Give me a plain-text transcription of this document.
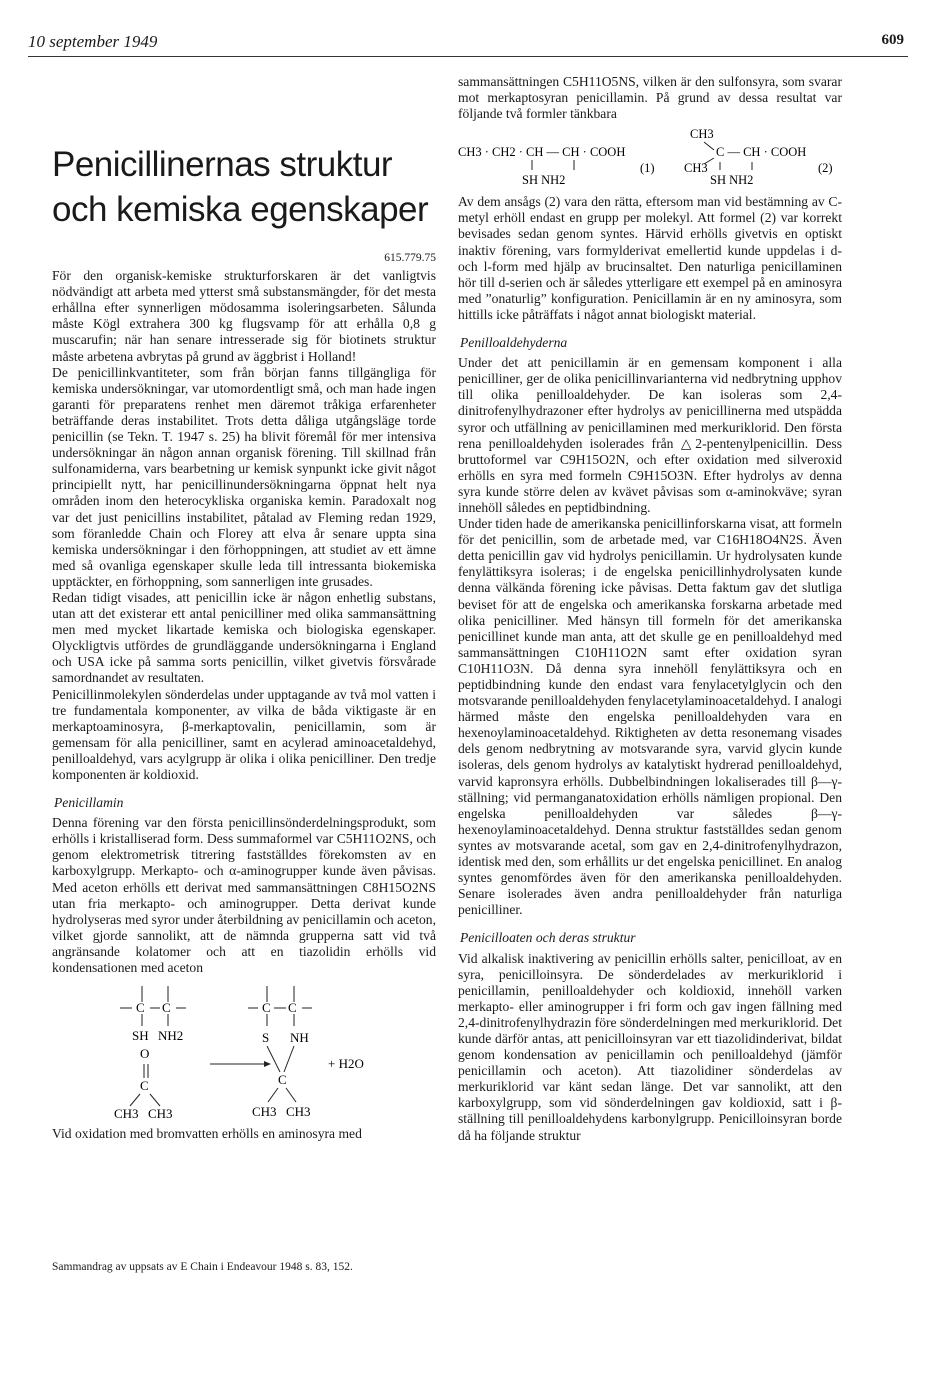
10 september 1949	609
Penicillinernas struktur och kemiska egenskaper
615.779.75

För den organisk-kemiske strukturforskaren är det vanligtvis nödvändigt att arbeta med ytterst små substansmängder, för det mesta erhållna efter synnerligen mödosamma isoleringsarbeten. Sålunda måste Kögl extrahera 300 kg flugsvamp för att erhålla 0,8 g muscarufin; när han senare intresserade sig för biotinets struktur måste arbetena avbrytas på grund av äggbrist i Holland!

De penicillinkvantiteter, som från början fanns tillgängliga för kemiska undersökningar, var utomordentligt små, och man hade ingen garanti för preparatens renhet men däremot tråkiga erfarenheter beträffande deras instabilitet. Trots detta dåliga utgångsläge torde penicillin (se Tekn. T. 1947 s. 25) ha blivit föremål för mer intensiva undersökningar än någon annan organisk förening. Till skillnad från sulfonamiderna, vars bearbetning ur kemisk synpunkt icke givit något principiellt nytt, har penicillinundersökningarna öppnat helt nya områden inom den heterocykliska organiska kemin. Paradoxalt nog var det just penicillins instabilitet, påtalad av Fleming redan 1929, som föranledde Chain och Florey att elva år senare uppta sina kemiska undersökningar i den förhoppningen, att studiet av ett ämne med så ovanliga egenskaper skulle leda till intressanta biokemiska upptäckter, en förhoppning, som sannerligen inte grusades.

Redan tidigt visades, att penicillin icke är någon enhetlig substans, utan att det existerar ett antal penicilliner med olika sammansättning men med mycket likartade kemiska och biologiska egenskaper. Olyckligtvis utfördes de grundläggande undersökningarna i England och USA icke på samma sorts penicillin, vilket givetvis försvårade samordnandet av resultaten.

Penicillinmolekylen sönderdelas under upptagande av två mol vatten i tre fundamentala komponenter, av vilka de båda viktigaste är en merkaptoaminosyra, β-merkaptovalin, penicillamin, som är gemensam för alla penicilliner, samt en acylerad aminoacetaldehyd, penilloaldehyd, vars acylgrupp är olika i olika penicilliner. Den tredje komponenten är koldioxid.

Penicillamin

Denna förening var den första penicillinsönderdelningsprodukt, som erhölls i kristalliserad form. Dess summaformel var C5H11O2NS, och genom elektrometrisk titrering fastställdes förekomsten av en karboxylgrupp. Merkapto- och α-aminogrupper kunde även påvisas. Med aceton erhölls ett derivat med sammansättningen C8H15O2NS utan fria merkapto- och aminogrupper. Detta derivat kunde hydrolyseras med syror under återbildning av penicillamin och aceton, vilket gjorde sannolikt, att de nämnda grupperna satt vid två angränsande kolatomer och att en tiazolidin erhölls vid kondensationen med aceton

C C
SH NH2
O
C
CH3 CH3
C C
S NH
C
CH3 CH3
+ H2O

Vid oxidation med bromvatten erhölls en aminosyra med

Sammandrag av uppsats av E Chain i Endeavour 1948 s. 83, 152.

sammansättningen C5H11O5NS, vilken är den sulfonsyra, som svarar mot merkaptosyran penicillamin. På grund av dessa resultat var följande två formler tänkbara

CH3 · CH2 · CH — CH · COOH
SH NH2
(1)
CH3
C — CH · COOH
CH3
SH NH2
(2)

Av dem ansågs (2) vara den rätta, eftersom man vid bestämning av C-metyl erhöll endast en grupp per molekyl. Att formel (2) var korrekt bevisades sedan genom syntes. Härvid erhölls givetvis en optiskt inaktiv förening, vars formylderivat emellertid kunde uppdelas i d- och l-form med hjälp av brucinsaltet. Den naturliga penicillaminen hör till d-serien och är således ytterligare ett exempel på en aminosyra med ”onaturlig” konfiguration. Penicillamin är en ny aminosyra, som hittills icke påträffats i något annat biologiskt material.

Penilloaldehyderna

Under det att penicillamin är en gemensam komponent i alla penicilliner, ger de olika penicillinvarianterna vid nedbrytning upphov till olika penilloaldehyder. De kan isoleras som 2,4-dinitrofenylhydrazoner efter hydrolys av penicillinerna med utspädda syror och utfällning av penicillaminen med merkuriklorid. Den första rena penilloaldehyden isolerades från △2-pentenylpenicillin. Dess bruttoformel var C9H15O2N, och efter oxidation med silveroxid erhölls en syra med formeln C9H15O3N. Efter hydrolys av denna syra kunde större delen av kvävet påvisas som α-aminokväve; syran innehöll således en peptidbindning.

Under tiden hade de amerikanska penicillinforskarna visat, att formeln för det penicillin, som de arbetade med, var C16H18O4N2S. Även detta penicillin gav vid hydrolys penicillamin. Ur hydrolysaten kunde fenylättiksyra isoleras; i de engelska penicillinhydrolysaten kunde denna välkända förening icke påvisas. Detta faktum gav det slutliga beviset för att de engelska och amerikanska forskarna arbetade med olika penicilliner. Med hänsyn till formeln för det amerikanska penicillinet kunde man anta, att det skulle ge en penilloaldehyd med sammansättningen C10H11O2N samt efter oxidation syran C10H11O3N. Då denna syra innehöll fenylättiksyra och en peptidbindning kunde den endast vara fenylacetylglycin och den motsvarande penilloaldehyden fenylacetylaminoacetaldehyd. I analogi härmed måste den engelska penilloaldehyden vara en hexenoylaminoacetaldehyd. Riktigheten av detta resonemang visades dels genom nedbrytning av motsvarande syra, varvid glycin kunde isoleras, dels genom hydrolys av katalytiskt hydrerad penilloaldehyd, varvid kapronsyra erhölls. Dubbelbindningen lokaliserades till β—γ-ställning; vid permanganatoxidation erhölls nämligen propional. Den engelska penilloaldehyden var således β—γ-hexenoylaminoacetaldehyd. Denna struktur fastställdes sedan genom syntes av motsvarande acetal, som gav en 2,4-dinitrofenylhydrazon, identisk med den, som erhållits ur det engelska penicillinet. En analog syntes genomfördes även för den amerikanska penilloaldehyden. Senare isolerades även andra penilloaldehyder från naturliga penicilliner.

Penicilloaten och deras struktur

Vid alkalisk inaktivering av penicillin erhölls salter, penicilloat, av en syra, penicilloinsyra. De sönderdelades av merkuriklorid i penicillamin, penilloaldehyder och koldioxid, innehöll varken merkapto- eller aminogrupper i fri form och gav ingen fällning med 2,4-dinitrofenylhydrazin före sönderdelningen med merkuriklorid. Det kunde därför antas, att penicilloinsyran var ett tiazolidinderivat, bildat genom kondensation av penicillamin och penilloaldehyd (jämför penicillamin och aceton). Att tiazolidiner sönderdelas av merkuriklorid var känt sedan länge. Det var sannolikt, att den karboxylgrupp, som vid sönderdelningen gav koldioxid, satt i β-ställning till penilloaldehydens karbonylgrupp. Penicilloinsyran borde då ha följande struktur
